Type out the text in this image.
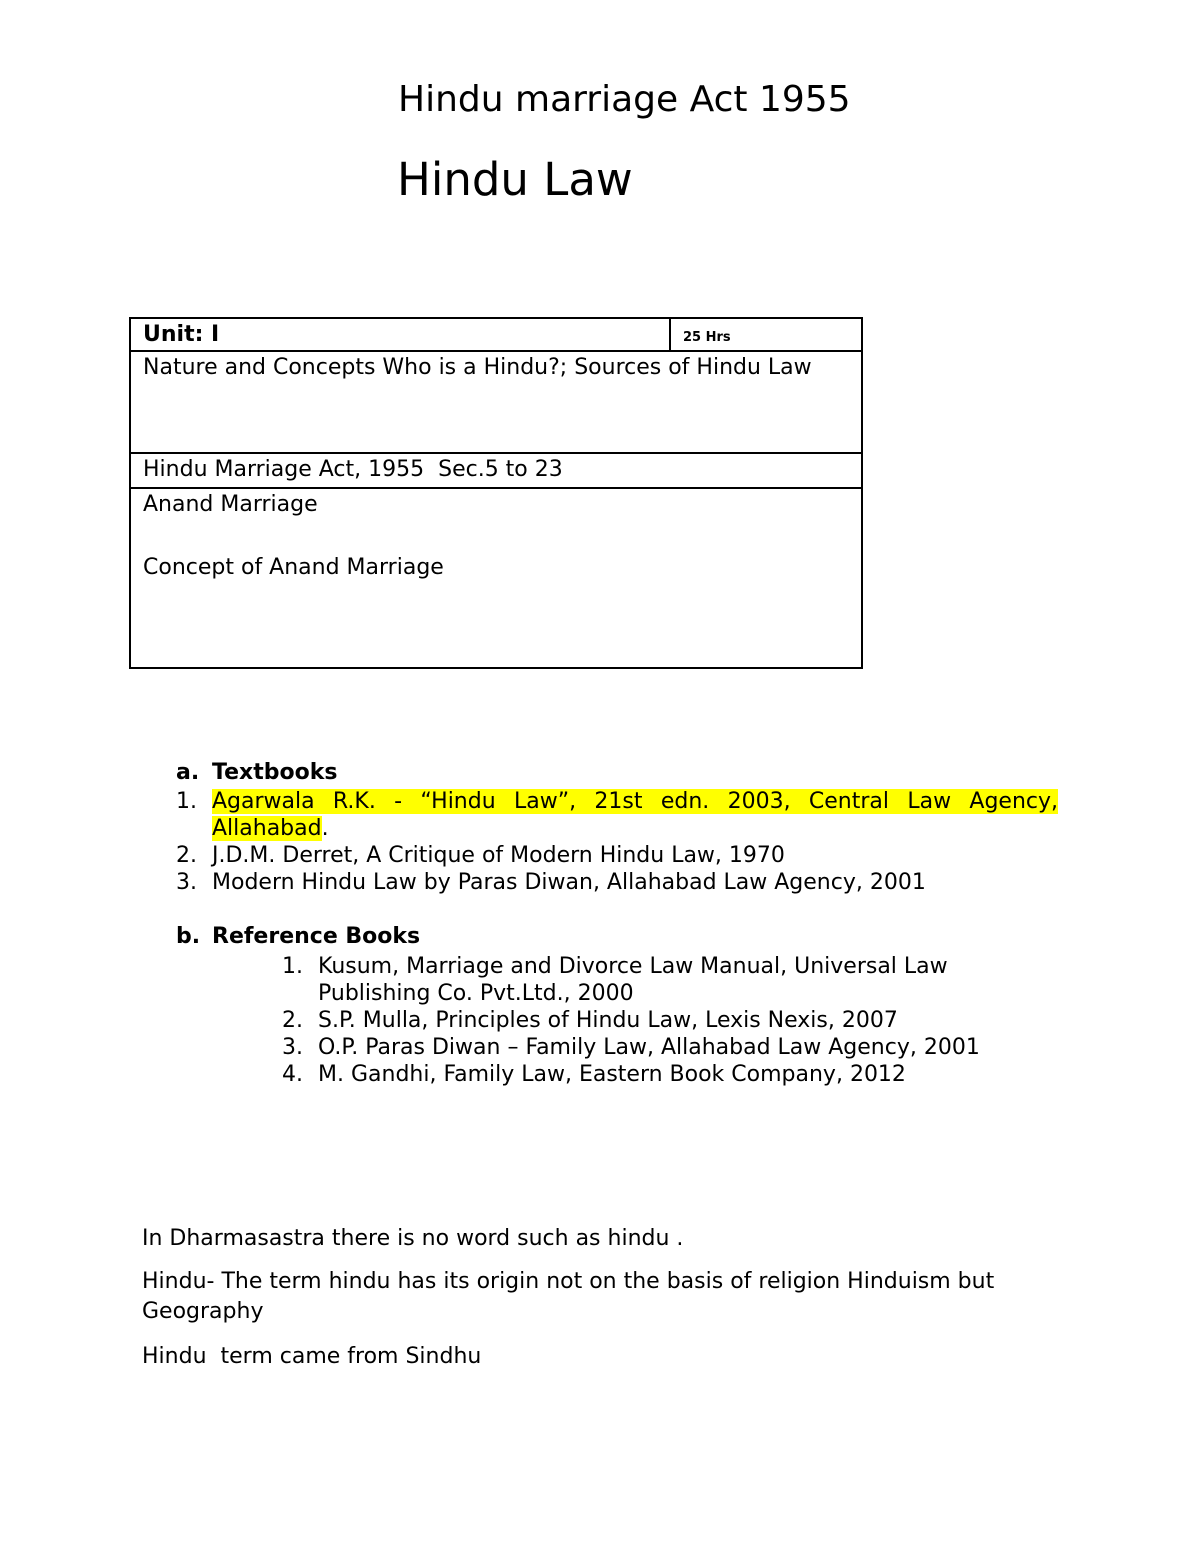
Hindu marriage Act 1955
Hindu Law
Unit: I	25 Hrs
Nature and Concepts Who is a Hindu?; Sources of Hindu Law
Hindu Marriage Act, 1955  Sec.5 to 23

Anand Marriage
Concept of Anand Marriage
a. Textbooks
1. Agarwala R.K. - “Hindu Law”, 21st edn. 2003, Central Law Agency, Allahabad.
2. J.D.M. Derret, A Critique of Modern Hindu Law, 1970
3. Modern Hindu Law by Paras Diwan, Allahabad Law Agency, 2001
b. Reference Books
1. Kusum, Marriage and Divorce Law Manual, Universal Law Publishing Co. Pvt.Ltd., 2000
2. S.P. Mulla, Principles of Hindu Law, Lexis Nexis, 2007
3. O.P. Paras Diwan – Family Law, Allahabad Law Agency, 2001
4. M. Gandhi, Family Law, Eastern Book Company, 2012

In Dharmasastra there is no word such as hindu .

Hindu- The term hindu has its origin not on the basis of religion Hinduism but Geography

Hindu  term came from Sindhu
